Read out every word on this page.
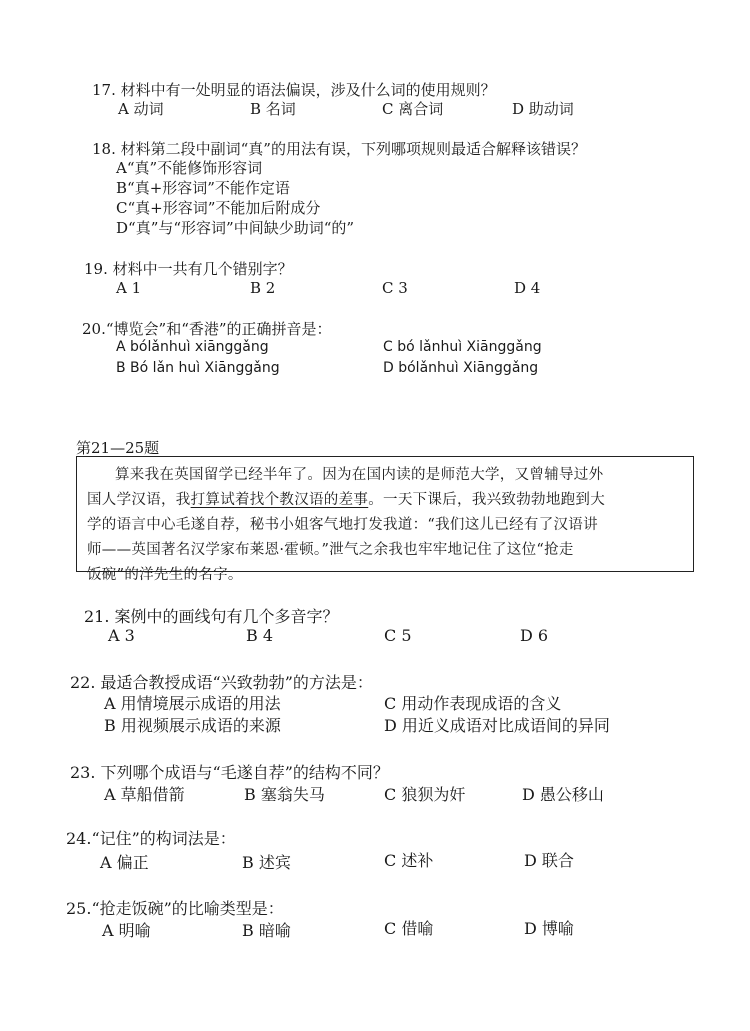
17. 材料中有一处明显的语法偏误，涉及什么词的使用规则？
A 动词	B 名词	C 离合词	D 助动词
18. 材料第二段中副词“真”的用法有误，下列哪项规则最适合解释该错误？
A“真”不能修饰形容词
B“真+形容词”不能作定语
C“真+形容词”不能加后附成分
D“真”与“形容词”中间缺少助词“的”
19. 材料中一共有几个错别字？
A 1	B 2	C 3	D 4
20.“博览会”和“香港”的正确拼音是：
A bólǎnhuì xiānggǎng	C bó lǎnhuì Xiānggǎng
B Bó lǎn huì Xiānggǎng	D bólǎnhuì Xiānggǎng
第21—25题
算来我在英国留学已经半年了。因为在国内读的是师范大学，又曾辅导过外
国人学汉语，我打算试着找个教汉语的差事。一天下课后，我兴致勃勃地跑到大
学的语言中心毛遂自荐，秘书小姐客气地打发我道：“我们这儿已经有了汉语讲
师——英国著名汉学家布莱恩·霍顿。”泄气之余我也牢牢地记住了这位“抢走
饭碗”的洋先生的名字。
21. 案例中的画线句有几个多音字？
A 3	B 4	C 5	D 6
22. 最适合教授成语“兴致勃勃”的方法是：
A 用情境展示成语的用法	C 用动作表现成语的含义
B 用视频展示成语的来源	D 用近义成语对比成语间的异同
23. 下列哪个成语与“毛遂自荐”的结构不同？
A 草船借箭	B 塞翁失马	C 狼狈为奸	D 愚公移山
24.“记住”的构词法是：
A 偏正	B 述宾	C 述补	D 联合
25.“抢走饭碗”的比喻类型是：
A 明喻	B 暗喻	C 借喻	D 博喻
